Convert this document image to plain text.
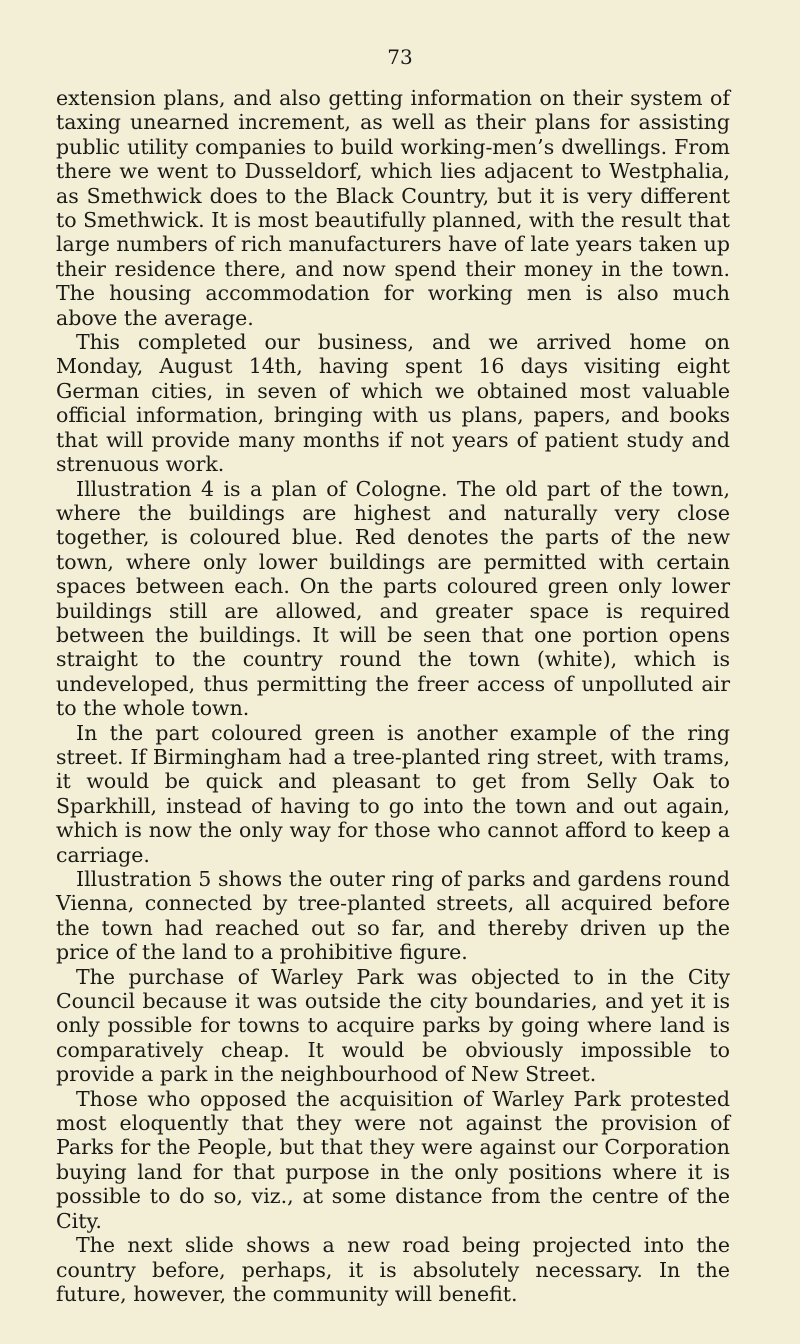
73

extension plans, and also getting information on their system of taxing unearned increment, as well as their plans for assisting public utility companies to build working-men’s dwellings. From there we went to Dusseldorf, which lies adjacent to Westphalia, as Smethwick does to the Black Country, but it is very different to Smethwick. It is most beautifully planned, with the result that large numbers of rich manufacturers have of late years taken up their residence there, and now spend their money in the town. The housing accommodation for working men is also much above the average.

This completed our business, and we arrived home on Monday, August 14th, having spent 16 days visiting eight German cities, in seven of which we obtained most valuable official information, bringing with us plans, papers, and books that will provide many months if not years of patient study and strenuous work.

Illustration 4 is a plan of Cologne. The old part of the town, where the buildings are highest and naturally very close together, is coloured blue. Red denotes the parts of the new town, where only lower buildings are permitted with certain spaces between each. On the parts coloured green only lower buildings still are allowed, and greater space is required between the buildings. It will be seen that one portion opens straight to the country round the town (white), which is undeveloped, thus permitting the freer access of unpolluted air to the whole town.

In the part coloured green is another example of the ring street. If Birmingham had a tree-planted ring street, with trams, it would be quick and pleasant to get from Selly Oak to Sparkhill, instead of having to go into the town and out again, which is now the only way for those who cannot afford to keep a carriage.

Illustration 5 shows the outer ring of parks and gardens round Vienna, connected by tree-planted streets, all acquired before the town had reached out so far, and thereby driven up the price of the land to a prohibitive figure.

The purchase of Warley Park was objected to in the City Council because it was outside the city boundaries, and yet it is only possible for towns to acquire parks by going where land is comparatively cheap. It would be obviously impossible to provide a park in the neighbourhood of New Street.

Those who opposed the acquisition of Warley Park protested most eloquently that they were not against the provision of Parks for the People, but that they were against our Corporation buying land for that purpose in the only positions where it is possible to do so, viz., at some distance from the centre of the City.

The next slide shows a new road being projected into the country before, perhaps, it is absolutely necessary. In the future, however, the community will benefit.
